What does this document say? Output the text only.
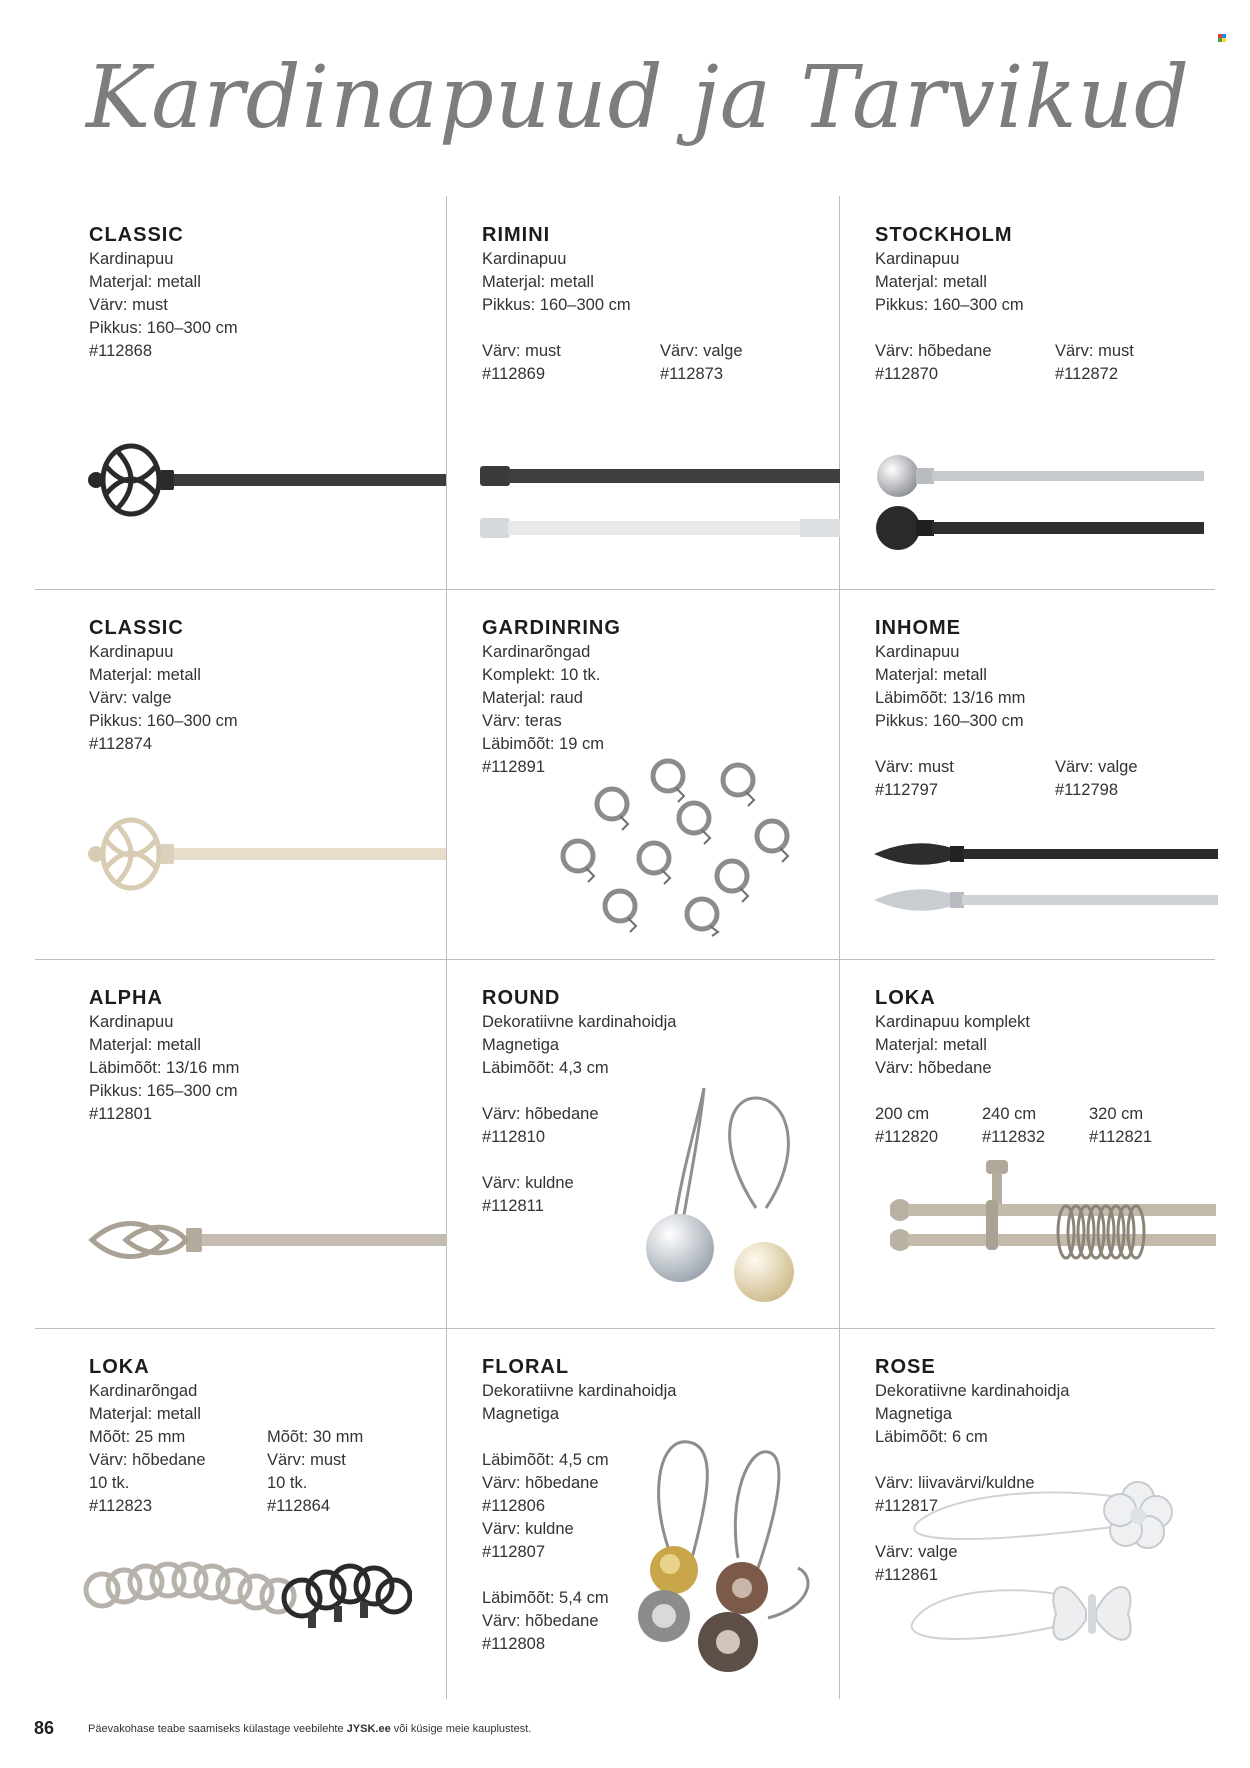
Kardinapuud ja Tarvikud
CLASSIC
Kardinapuu
Materjal: metall
Värv: must
Pikkus: 160–300 cm
#112868
RIMINI
Kardinapuu
Materjal: metall
Pikkus: 160–300 cm
Värv: must
#112869
Värv: valge
#112873
STOCKHOLM
Kardinapuu
Materjal: metall
Pikkus: 160–300 cm
Värv: hõbedane
#112870
Värv: must
#112872
CLASSIC
Kardinapuu
Materjal: metall
Värv: valge
Pikkus: 160–300 cm
#112874
GARDINRING
Kardinarõngad
Komplekt: 10 tk.
Materjal: raud
Värv: teras
Läbimõõt: 19 cm
#112891
INHOME
Kardinapuu
Materjal: metall
Läbimõõt: 13/16 mm
Pikkus: 160–300 cm
Värv: must
#112797
Värv: valge
#112798
ALPHA
Kardinapuu
Materjal: metall
Läbimõõt: 13/16 mm
Pikkus: 165–300 cm
#112801
ROUND
Dekoratiivne kardinahoidja
Magnetiga
Läbimõõt: 4,3 cm
Värv: hõbedane
#112810
Värv: kuldne
#112811
LOKA
Kardinapuu komplekt
Materjal: metall
Värv: hõbedane
200 cm
#112820
240 cm
#112832
320 cm
#112821
LOKA
Kardinarõngad
Materjal: metall
Mõõt: 25 mm
Värv: hõbedane
10 tk.
#112823
Mõõt: 30 mm
Värv: must
10 tk.
#112864
FLORAL
Dekoratiivne kardinahoidja
Magnetiga
Läbimõõt: 4,5 cm
Värv: hõbedane
#112806
Värv: kuldne
#112807
Läbimõõt: 5,4 cm
Värv: hõbedane
#112808
ROSE
Dekoratiivne kardinahoidja
Magnetiga
Läbimõõt: 6 cm
Värv: liivavärvi/kuldne
#112817
Värv: valge
#112861
86	Päevakohase teabe saamiseks külastage veebilehte JYSK.ee või küsige meie kauplustest.
